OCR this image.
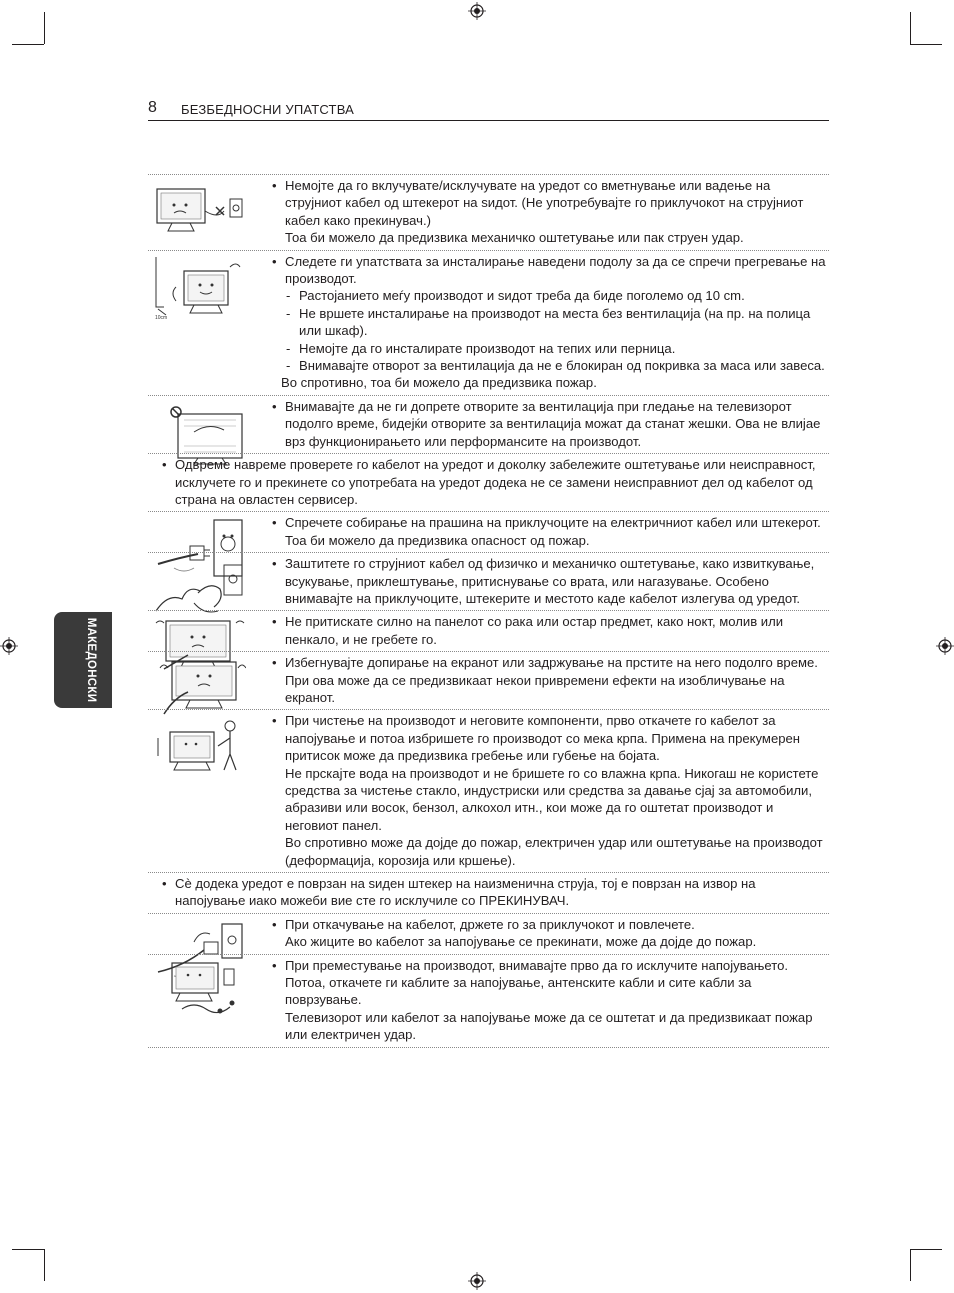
8 БЕЗБЕДНОСНИ УПАТСТВА
МАКЕДОНСКИ
• Немојте да го вклучувате/исклучувате на уредот со вметнување или вадење на струјниот кабел од штекерот на ѕидот. (Не употребувајте го приклучокот на струјниот кабел како прекинувач.)
Тоа би можело да предизвика механичко оштетување или пак струен удар.
10cm
• Следете ги упатствата за инсталирање наведени подолу за да се спречи прегревање на производот.
- Растојанието меѓу производот и ѕидот треба да биде поголемо од 10 cm.
- Не вршете инсталирање на производот на места без вентилација (на пр. на полица или шкаф).
- Немојте да го инсталирате производот на тепих или перница.
- Внимавајте отворот за вентилација да не е блокиран од покривка за маса или завеса.
Во спротивно, тоа би можело да предизвика пожар.
• Внимавајте да не ги допрете отворите за вентилација при гледање на телевизорот подолго време, бидејќи отворите за вентилација можат да станат жешки. Ова не влијае врз функционирањето или перформансите на производот.
• Одвреме навреме проверете го кабелот на уредот и доколку забележите оштетување или неисправност, исклучете го и прекинете со употребата на уредот додека не се замени неисправниот дел од кабелот од страна на овластен сервисер.
• Спречете собирање на прашина на приклучоците на електричниот кабел или штекерот.
Тоа би можело да предизвика опасност од пожар.
• Заштитете го струјниот кабел од физичко и механичко оштетување, како извиткување, всукување, приклештување, притиснување со врата, или нагазување. Особено внимавајте на приклучоците, штекерите и местото каде кабелот излегува од уредот.
• Не притискате силно на панелот со рака или остар предмет, како нокт, молив или пенкало, и не гребете го.
• Избегнувајте допирање на екранот или задржување на прстите на него подолго време. При ова може да се предизвикаат некои привремени ефекти на изобличување на екранот.
• При чистење на производот и неговите компоненти, прво откачете го кабелот за напојување и потоа избришете го производот со мека крпа. Примена на прекумерен притисок може да предизвика гребење или губење на бојата.
Не прскајте вода на производот и не бришете го со влажна крпа. Никогаш не користете средства за чистење стакло, индустриски или средства за давање сјај за автомобили, абразиви или восок, бензол, алкохол итн., кои може да го оштетат производот и неговиот панел.
Во спротивно може да дојде до пожар, електричен удар или оштетување на производот (деформација, корозија или кршење).
• Сè додека уредот е поврзан на ѕиден штекер на наизменична струја, тој е поврзан на извор на напојување иако можеби вие сте го исклучиле со ПРЕКИНУВАЧ.
• При откачување на кабелот, држете го за приклучокот и повлечете.
Ако жиците во кабелот за напојување се прекинати, може да дојде до пожар.
• При преместување на производот, внимавајте прво да го исклучите напојувањето. Потоа, откачете ги каблите за напојување, антенските кабли и сите кабли за поврзување.
Телевизорот или кабелот за напојување може да се оштетат и да предизвикаат пожар или електричен удар.
